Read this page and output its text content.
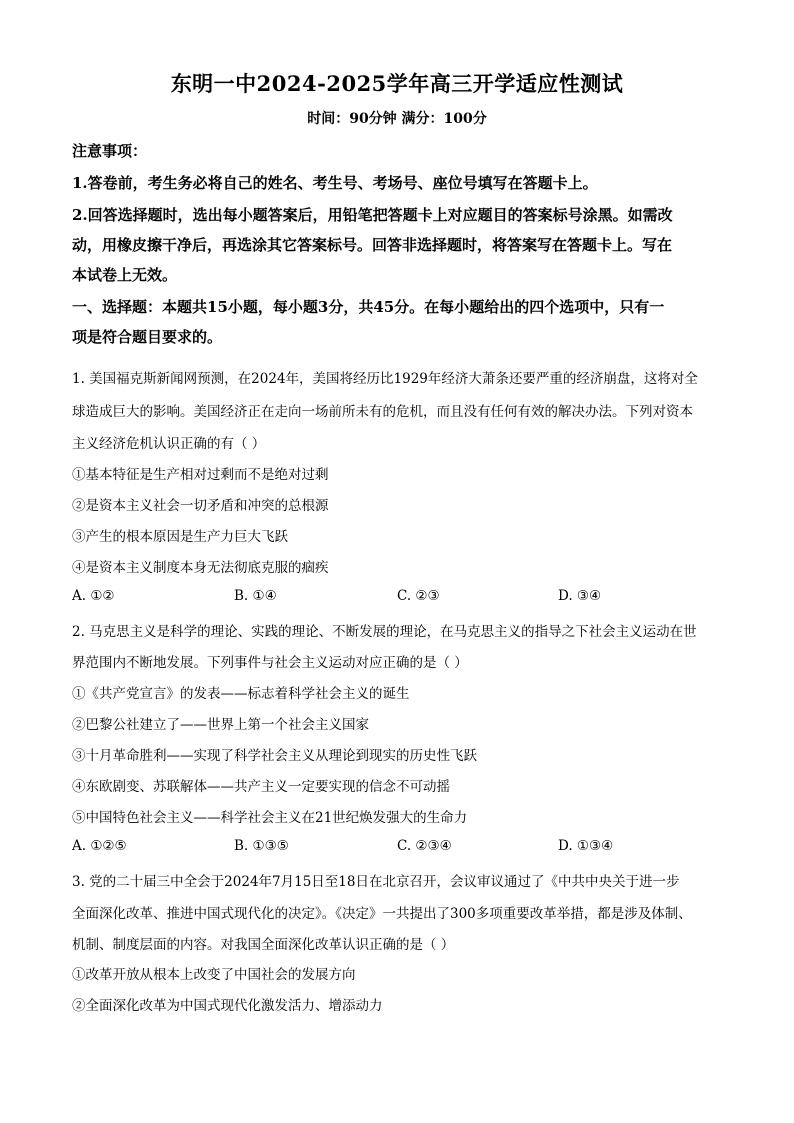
东明一中2024-2025学年高三开学适应性测试
时间：90分钟 满分：100分
注意事项：
1.答卷前，考生务必将自己的姓名、考生号、考场号、座位号填写在答题卡上。
2.回答选择题时，选出每小题答案后，用铅笔把答题卡上对应题目的答案标号涂黑。如需改
动，用橡皮擦干净后，再选涂其它答案标号。回答非选择题时，将答案写在答题卡上。写在
本试卷上无效。
一、选择题：本题共15小题，每小题3分，共45分。在每小题给出的四个选项中，只有一
项是符合题目要求的。
1. 美国福克斯新闻网预测，在2024年，美国将经历比1929年经济大萧条还要严重的经济崩盘，这将对全
球造成巨大的影响。美国经济正在走向一场前所未有的危机，而且没有任何有效的解决办法。下列对资本
主义经济危机认识正确的有（ ）
①基本特征是生产相对过剩而不是绝对过剩
②是资本主义社会一切矛盾和冲突的总根源
③产生的根本原因是生产力巨大飞跃
④是资本主义制度本身无法彻底克服的痼疾
A. ①②	B. ①④	C. ②③	D. ③④
2. 马克思主义是科学的理论、实践的理论、不断发展的理论，在马克思主义的指导之下社会主义运动在世
界范围内不断地发展。下列事件与社会主义运动对应正确的是（ ）
①《共产党宣言》的发表——标志着科学社会主义的诞生
②巴黎公社建立了——世界上第一个社会主义国家
③十月革命胜利——实现了科学社会主义从理论到现实的历史性飞跃
④东欧剧变、苏联解体——共产主义一定要实现的信念不可动摇
⑤中国特色社会主义——科学社会主义在21世纪焕发强大的生命力
A. ①②⑤	B. ①③⑤	C. ②③④	D. ①③④
3. 党的二十届三中全会于2024年7月15日至18日在北京召开，会议审议通过了《中共中央关于进一步
全面深化改革、推进中国式现代化的决定》。《决定》一共提出了300多项重要改革举措，都是涉及体制、
机制、制度层面的内容。对我国全面深化改革认识正确的是（ ）
①改革开放从根本上改变了中国社会的发展方向
②全面深化改革为中国式现代化激发活力、增添动力
